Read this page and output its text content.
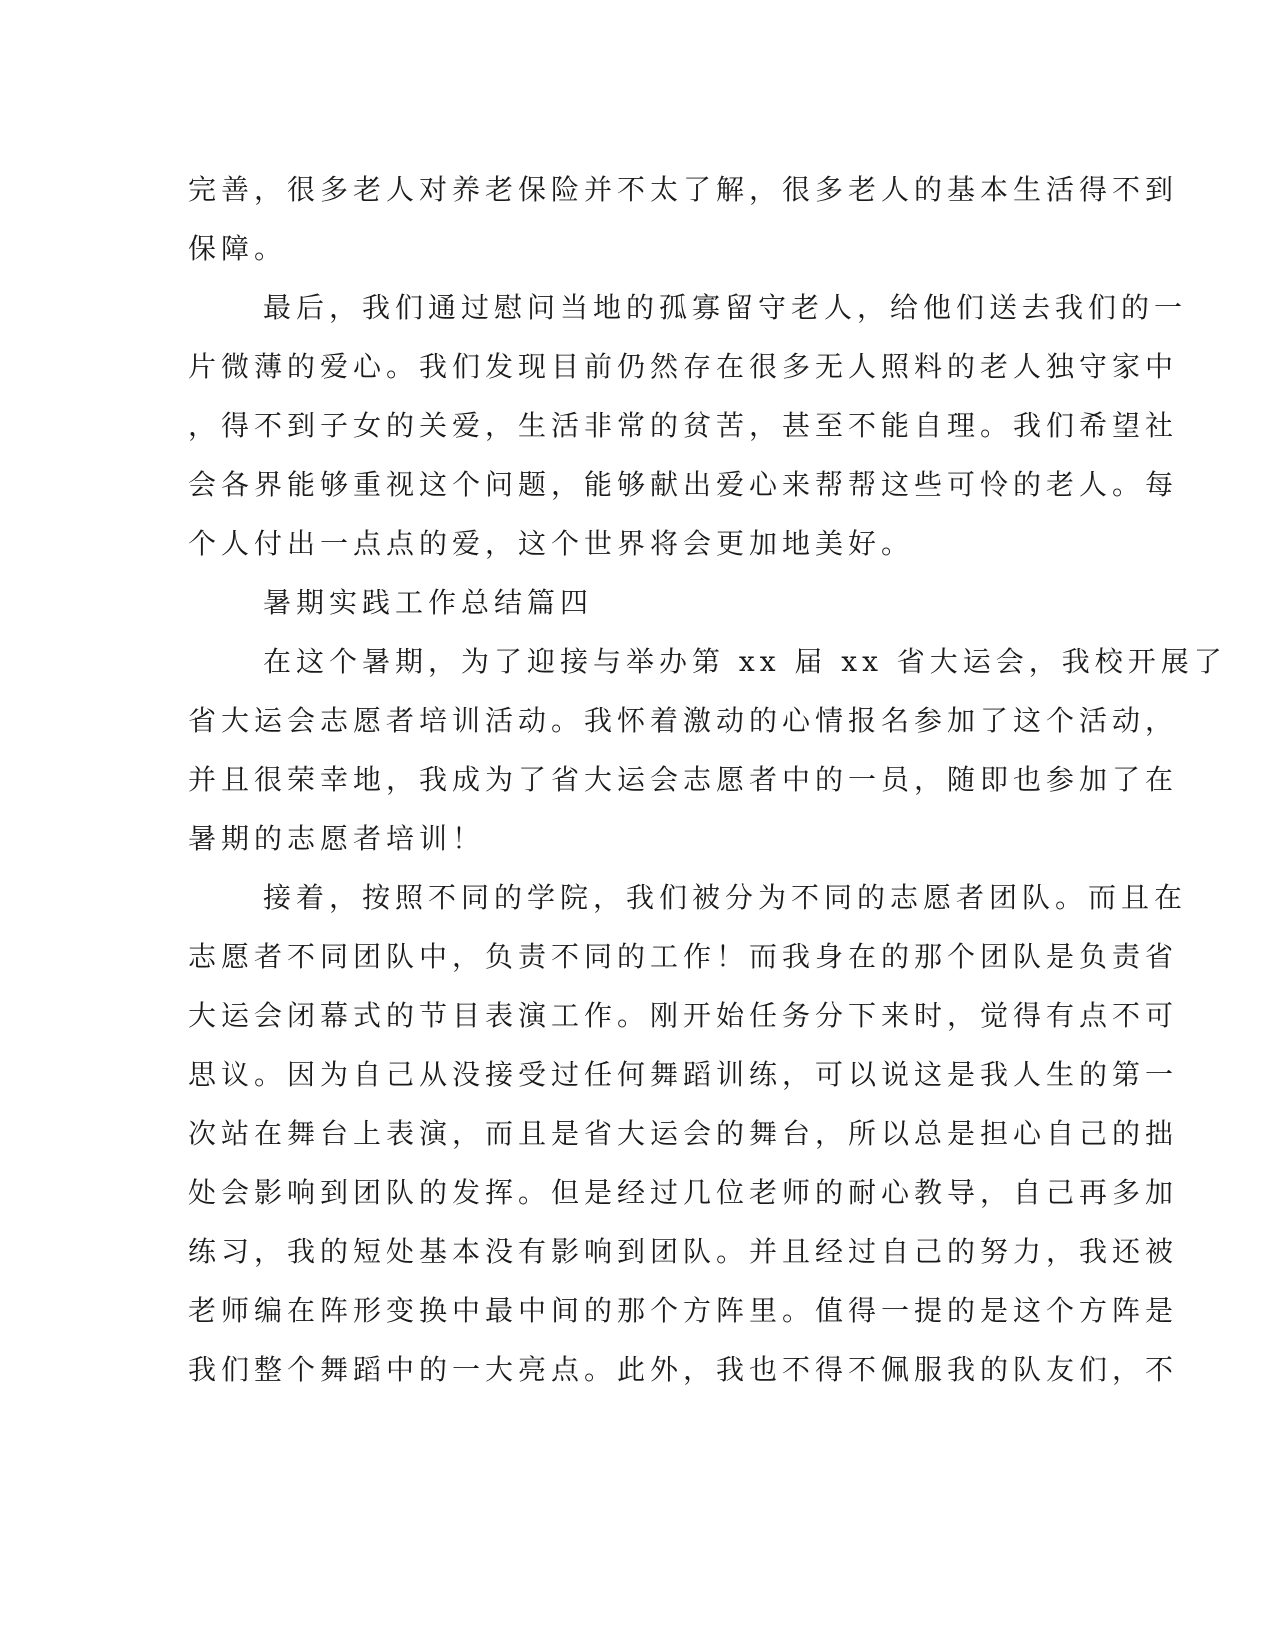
完善，很多老人对养老保险并不太了解，很多老人的基本生活得不到
保障。
最后，我们通过慰问当地的孤寡留守老人，给他们送去我们的一
片微薄的爱心。我们发现目前仍然存在很多无人照料的老人独守家中
，得不到子女的关爱，生活非常的贫苦，甚至不能自理。我们希望社
会各界能够重视这个问题，能够献出爱心来帮帮这些可怜的老人。每
个人付出一点点的爱，这个世界将会更加地美好。
暑期实践工作总结篇四
在这个暑期，为了迎接与举办第 xx 届 xx 省大运会，我校开展了
省大运会志愿者培训活动。我怀着激动的心情报名参加了这个活动，
并且很荣幸地，我成为了省大运会志愿者中的一员，随即也参加了在
暑期的志愿者培训！
接着，按照不同的学院，我们被分为不同的志愿者团队。而且在
志愿者不同团队中，负责不同的工作！而我身在的那个团队是负责省
大运会闭幕式的节目表演工作。刚开始任务分下来时，觉得有点不可
思议。因为自己从没接受过任何舞蹈训练，可以说这是我人生的第一
次站在舞台上表演，而且是省大运会的舞台，所以总是担心自己的拙
处会影响到团队的发挥。但是经过几位老师的耐心教导，自己再多加
练习，我的短处基本没有影响到团队。并且经过自己的努力，我还被
老师编在阵形变换中最中间的那个方阵里。值得一提的是这个方阵是
我们整个舞蹈中的一大亮点。此外，我也不得不佩服我的队友们，不
